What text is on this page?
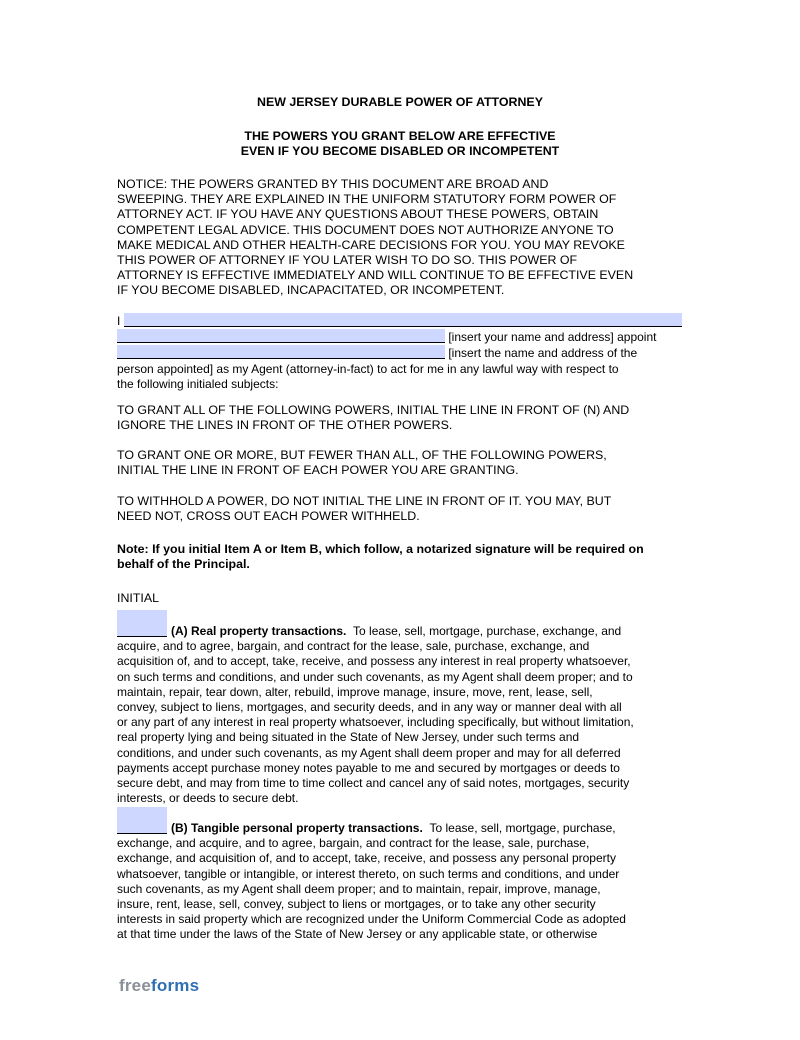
NEW JERSEY DURABLE POWER OF ATTORNEY
THE POWERS YOU GRANT BELOW ARE EFFECTIVE
EVEN IF YOU BECOME DISABLED OR INCOMPETENT
NOTICE: THE POWERS GRANTED BY THIS DOCUMENT ARE BROAD AND
SWEEPING. THEY ARE EXPLAINED IN THE UNIFORM STATUTORY FORM POWER OF
ATTORNEY ACT. IF YOU HAVE ANY QUESTIONS ABOUT THESE POWERS, OBTAIN
COMPETENT LEGAL ADVICE. THIS DOCUMENT DOES NOT AUTHORIZE ANYONE TO
MAKE MEDICAL AND OTHER HEALTH-CARE DECISIONS FOR YOU. YOU MAY REVOKE
THIS POWER OF ATTORNEY IF YOU LATER WISH TO DO SO. THIS POWER OF
ATTORNEY IS EFFECTIVE IMMEDIATELY AND WILL CONTINUE TO BE EFFECTIVE EVEN
IF YOU BECOME DISABLED, INCAPACITATED, OR INCOMPETENT.
I
[insert your name and address] appoint
[insert the name and address of the
person appointed] as my Agent (attorney-in-fact) to act for me in any lawful way with respect to
the following initialed subjects:
TO GRANT ALL OF THE FOLLOWING POWERS, INITIAL THE LINE IN FRONT OF (N) AND
IGNORE THE LINES IN FRONT OF THE OTHER POWERS.
TO GRANT ONE OR MORE, BUT FEWER THAN ALL, OF THE FOLLOWING POWERS,
INITIAL THE LINE IN FRONT OF EACH POWER YOU ARE GRANTING.
TO WITHHOLD A POWER, DO NOT INITIAL THE LINE IN FRONT OF IT. YOU MAY, BUT
NEED NOT, CROSS OUT EACH POWER WITHHELD.
Note: If you initial Item A or Item B, which follow, a notarized signature will be required on
behalf of the Principal.
INITIAL
(A) Real property transactions. To lease, sell, mortgage, purchase, exchange, and
acquire, and to agree, bargain, and contract for the lease, sale, purchase, exchange, and
acquisition of, and to accept, take, receive, and possess any interest in real property whatsoever,
on such terms and conditions, and under such covenants, as my Agent shall deem proper; and to
maintain, repair, tear down, alter, rebuild, improve manage, insure, move, rent, lease, sell,
convey, subject to liens, mortgages, and security deeds, and in any way or manner deal with all
or any part of any interest in real property whatsoever, including specifically, but without limitation,
real property lying and being situated in the State of New Jersey, under such terms and
conditions, and under such covenants, as my Agent shall deem proper and may for all deferred
payments accept purchase money notes payable to me and secured by mortgages or deeds to
secure debt, and may from time to time collect and cancel any of said notes, mortgages, security
interests, or deeds to secure debt.
(B) Tangible personal property transactions. To lease, sell, mortgage, purchase,
exchange, and acquire, and to agree, bargain, and contract for the lease, sale, purchase,
exchange, and acquisition of, and to accept, take, receive, and possess any personal property
whatsoever, tangible or intangible, or interest thereto, on such terms and conditions, and under
such covenants, as my Agent shall deem proper; and to maintain, repair, improve, manage,
insure, rent, lease, sell, convey, subject to liens or mortgages, or to take any other security
interests in said property which are recognized under the Uniform Commercial Code as adopted
at that time under the laws of the State of New Jersey or any applicable state, or otherwise
freeforms
